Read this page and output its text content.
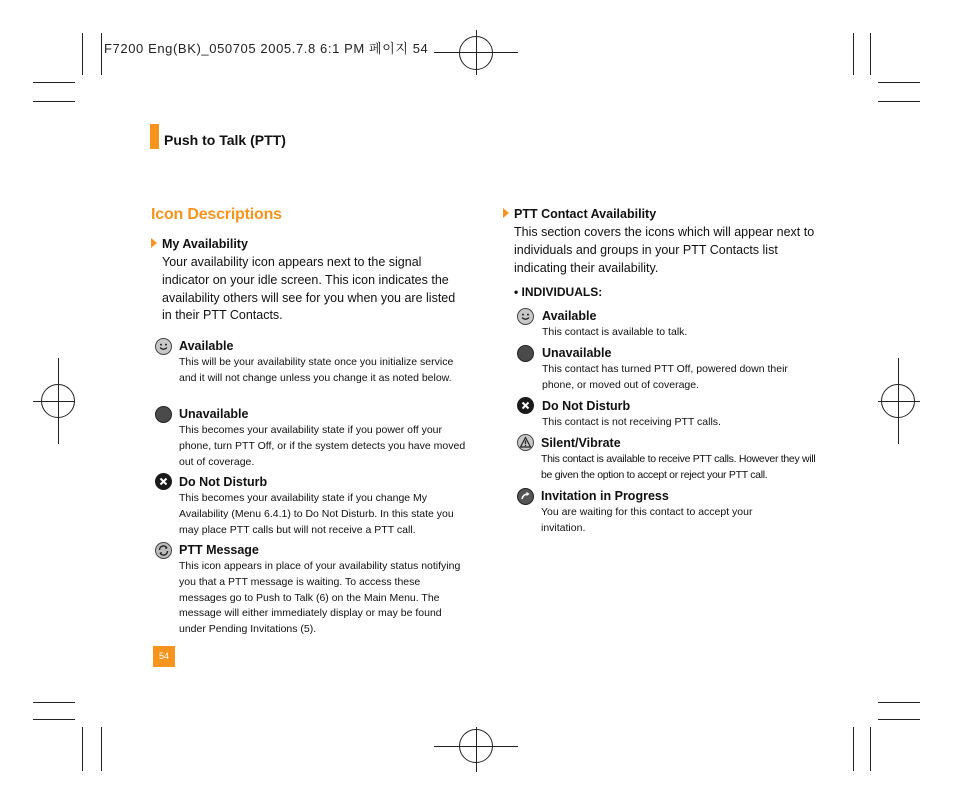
F7200 Eng(BK)_050705 2005.7.8 6:1 PM 페이지 54
Push to Talk (PTT)
Icon Descriptions
My Availability
Your availability icon appears next to the signal indicator on your idle screen. This icon indicates the availability others will see for you when you are listed in their PTT Contacts.
Available
This will be your availability state once you initialize service and it will not change unless you change it as noted below.
Unavailable
This becomes your availability state if you power off your phone, turn PTT Off, or if the system detects you have moved out of coverage.
Do Not Disturb
This becomes your availability state if you change My Availability (Menu 6.4.1) to Do Not Disturb. In this state you may place PTT calls but will not receive a PTT call.
PTT Message
This icon appears in place of your availability status notifying you that a PTT message is waiting. To access these messages go to Push to Talk (6) on the Main Menu. The message will either immediately display or may be found under Pending Invitations (5).
54
PTT Contact Availability
This section covers the icons which will appear next to individuals and groups in your PTT Contacts list indicating their availability.
• INDIVIDUALS:
Available
This contact is available to talk.
Unavailable
This contact has turned PTT Off, powered down their phone, or moved out of coverage.
Do Not Disturb
This contact is not receiving PTT calls.
Silent/Vibrate
This contact is available to receive PTT calls. However they will be given the option to accept or reject your PTT call.
Invitation in Progress
You are waiting for this contact to accept your invitation.
